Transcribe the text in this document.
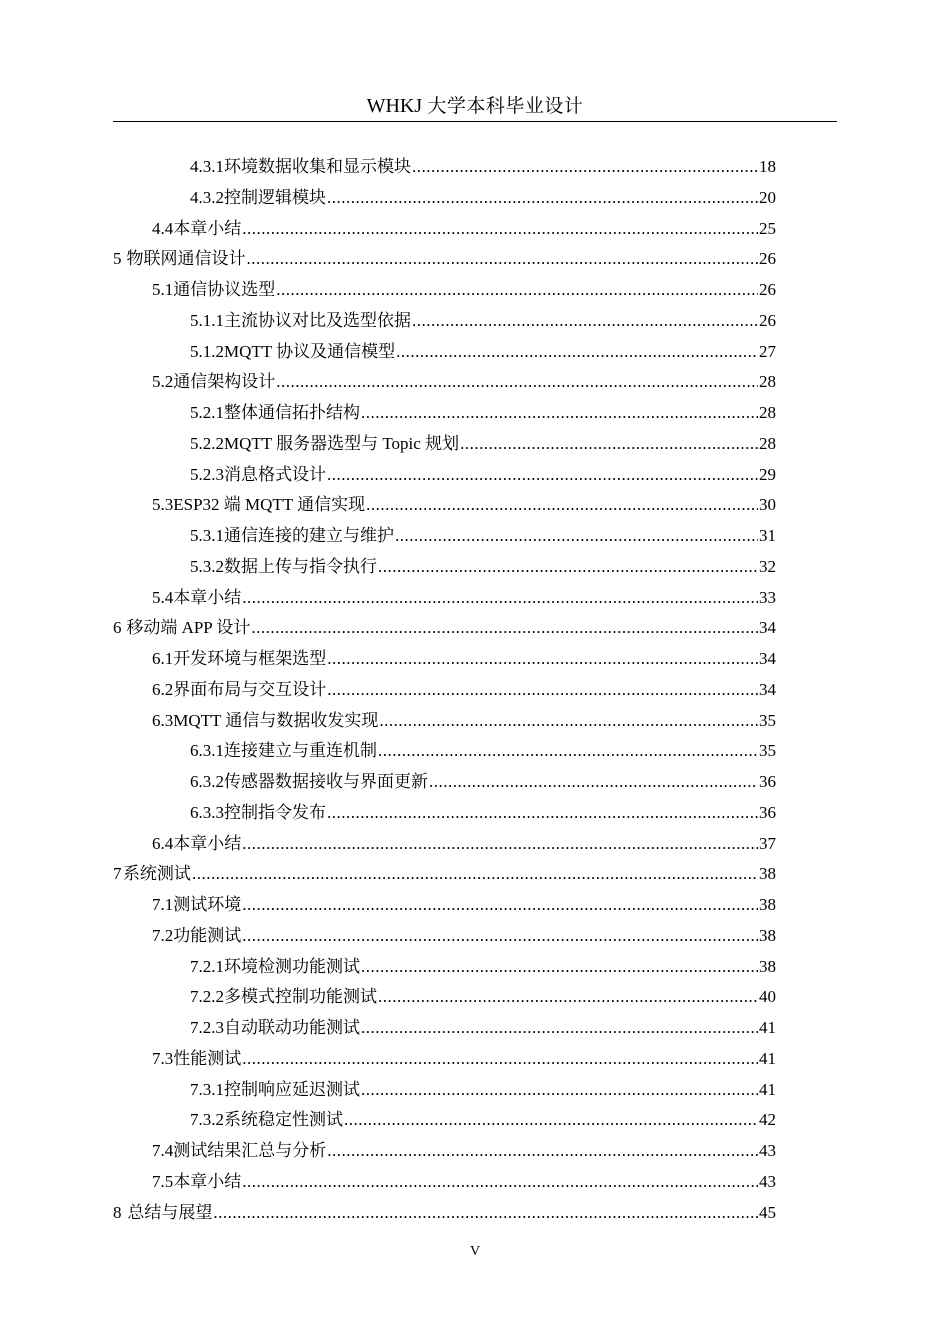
WHKJ 大学本科毕业设计
4.3.1 环境数据收集和显示模块 .....	18
4.3.2 控制逻辑模块 .....	20
4.4 本章小结 .....	25
5 物联网通信设计 .....	26
5.1 通信协议选型 .....	26
5.1.1 主流协议对比及选型依据 .....	26
5.1.2 MQTT 协议及通信模型 .....	27
5.2 通信架构设计 .....	28
5.2.1 整体通信拓扑结构 .....	28
5.2.2 MQTT 服务器选型与 Topic 规划 .....	28
5.2.3 消息格式设计 .....	29
5.3 ESP32 端 MQTT 通信实现 .....	30
5.3.1 通信连接的建立与维护 .....	31
5.3.2 数据上传与指令执行 .....	32
5.4 本章小结 .....	33
6 移动端 APP 设计 .....	34
6.1 开发环境与框架选型 .....	34
6.2 界面布局与交互设计 .....	34
6.3 MQTT 通信与数据收发实现 .....	35
6.3.1 连接建立与重连机制 .....	35
6.3.2 传感器数据接收与界面更新 .....	36
6.3.3 控制指令发布 .....	36
6.4 本章小结 .....	37
7 系统测试 .....	38
7.1 测试环境 .....	38
7.2 功能测试 .....	38
7.2.1 环境检测功能测试 .....	38
7.2.2 多模式控制功能测试 .....	40
7.2.3 自动联动功能测试 .....	41
7.3 性能测试 .....	41
7.3.1 控制响应延迟测试 .....	41
7.3.2 系统稳定性测试 .....	42
7.4 测试结果汇总与分析 .....	43
7.5 本章小结 .....	43
8 总结与展望 .....	45
V
